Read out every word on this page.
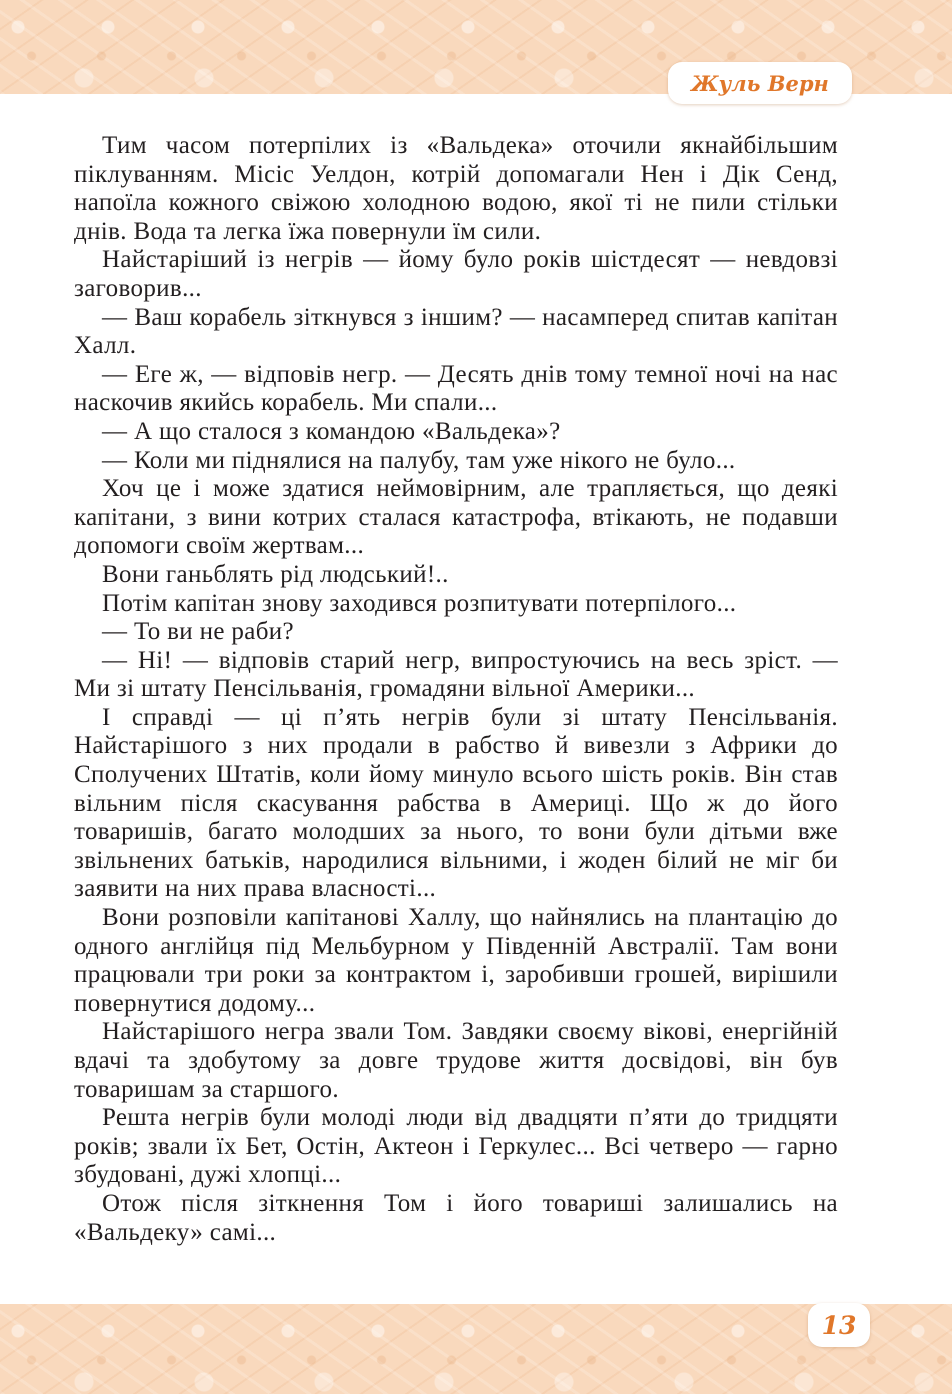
Жуль Верн

Тим часом потерпілих із «Вальдека» оточили якнайбільшим піклуванням. Місіс Уелдон, котрій допомагали Нен і Дік Сенд, напоїла кожного свіжою холодною водою, якої ті не пили стільки днів. Вода та легка їжа повернули їм сили.

Найстаріший із негрів — йому було років шістдесят — невдовзі заговорив...

— Ваш корабель зіткнувся з іншим? — насамперед спитав капітан Халл.

— Еге ж, — відповів негр. — Десять днів тому темної ночі на нас наскочив якийсь корабель. Ми спали...

— А що сталося з командою «Вальдека»?

— Коли ми піднялися на палубу, там уже нікого не було...

Хоч це і може здатися неймовірним, але трапляється, що деякі капітани, з вини котрих сталася катастрофа, втікають, не подавши допомоги своїм жертвам...

Вони ганьблять рід людський!..

Потім капітан знову заходився розпитувати потерпілого...

— То ви не раби?

— Ні! — відповів старий негр, випростуючись на весь зріст. — Ми зі штату Пенсільванія, громадяни вільної Америки...

І справді — ці п’ять негрів були зі штату Пенсільванія. Найстарішого з них продали в рабство й вивезли з Африки до Сполучених Штатів, коли йому минуло всього шість років. Він став вільним після скасування рабства в Америці. Що ж до його товаришів, багато молодших за нього, то вони були дітьми вже звільнених батьків, народилися вільними, і жоден білий не міг би заявити на них права власності...

Вони розповіли капітанові Халлу, що найнялись на плантацію до одного англійця під Мельбурном у Південній Австралії. Там вони працювали три роки за контрактом і, заробивши грошей, вирішили повернутися додому...

Найстарішого негра звали Том. Завдяки своєму вікові, енергійній вдачі та здобутому за довге трудове життя досвідові, він був товаришам за старшого.

Решта негрів були молоді люди від двадцяти п’яти до тридцяти років; звали їх Бет, Остін, Актеон і Геркулес... Всі четверо — гарно збудовані, дужі хлопці...

Отож після зіткнення Том і його товариші залишались на «Вальдеку» самі...

13
